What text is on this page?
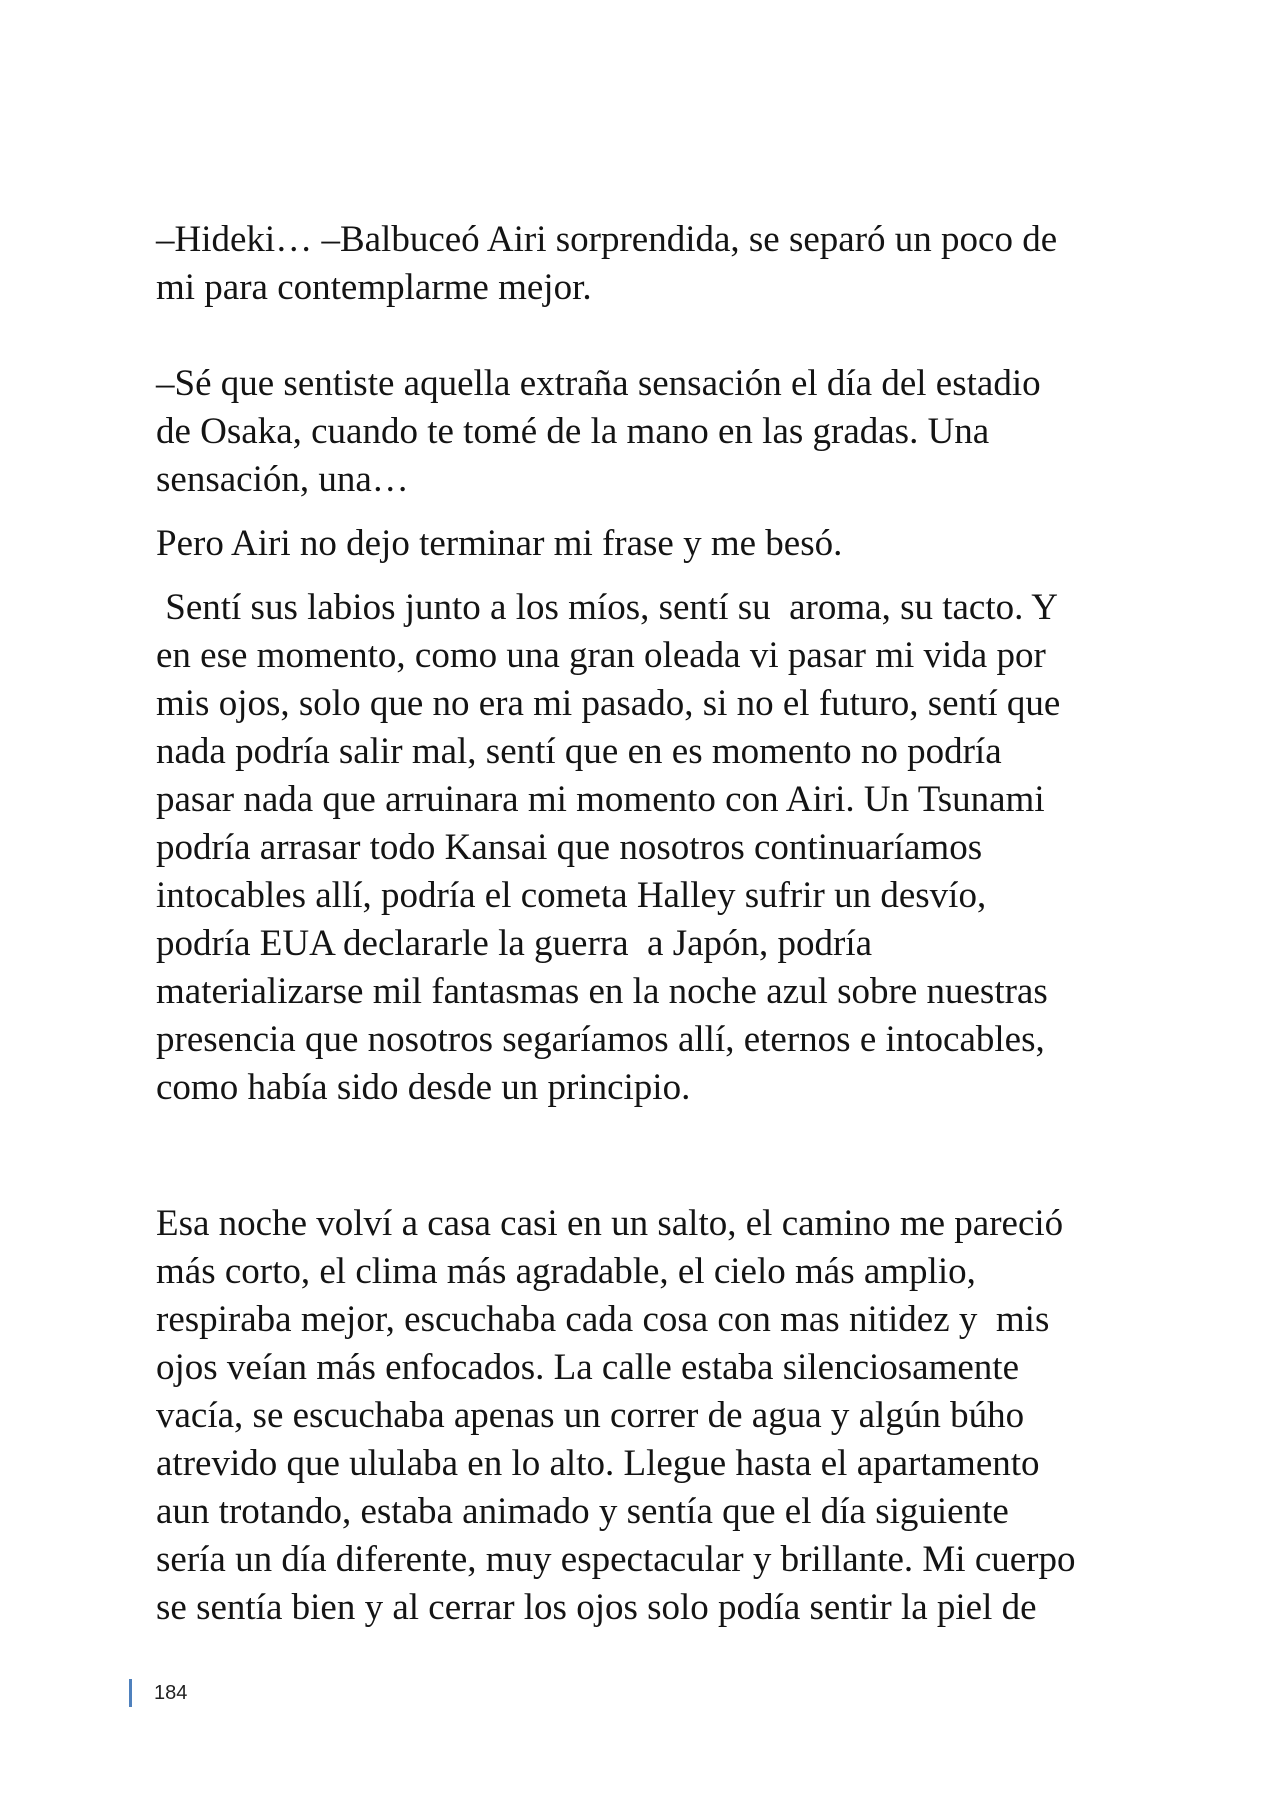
–Hideki… –Balbuceó Airi sorprendida, se separó un poco de
mi para contemplarme mejor.
–Sé que sentiste aquella extraña sensación el día del estadio
de Osaka, cuando te tomé de la mano en las gradas. Una
sensación, una…
Pero Airi no dejo terminar mi frase y me besó.
Sentí sus labios junto a los míos, sentí su  aroma, su tacto. Y
en ese momento, como una gran oleada vi pasar mi vida por
mis ojos, solo que no era mi pasado, si no el futuro, sentí que
nada podría salir mal, sentí que en es momento no podría
pasar nada que arruinara mi momento con Airi. Un Tsunami
podría arrasar todo Kansai que nosotros continuaríamos
intocables allí, podría el cometa Halley sufrir un desvío,
podría EUA declararle la guerra  a Japón, podría
materializarse mil fantasmas en la noche azul sobre nuestras
presencia que nosotros segaríamos allí, eternos e intocables,
como había sido desde un principio.
Esa noche volví a casa casi en un salto, el camino me pareció
más corto, el clima más agradable, el cielo más amplio,
respiraba mejor, escuchaba cada cosa con mas nitidez y  mis
ojos veían más enfocados. La calle estaba silenciosamente
vacía, se escuchaba apenas un correr de agua y algún búho
atrevido que ululaba en lo alto. Llegue hasta el apartamento
aun trotando, estaba animado y sentía que el día siguiente
sería un día diferente, muy espectacular y brillante. Mi cuerpo
se sentía bien y al cerrar los ojos solo podía sentir la piel de
184
